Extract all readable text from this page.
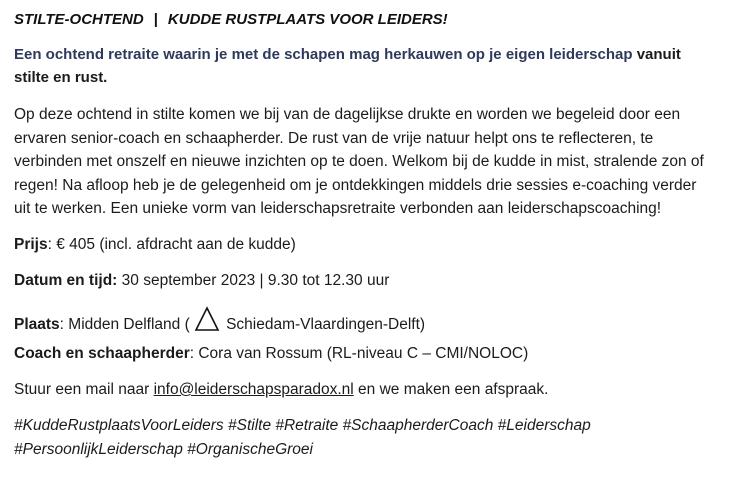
STILTE-OCHTEND | KUDDE RUSTPLAATS VOOR LEIDERS!
Een ochtend retraite waarin je met de schapen mag herkauwen op je eigen leiderschap vanuit
stilte en rust.
Op deze ochtend in stilte komen we bij van de dagelijkse drukte en worden we begeleid door een
ervaren senior-coach en schaapherder. De rust van de vrije natuur helpt ons te reflecteren, te
verbinden met onszelf en nieuwe inzichten op te doen. Welkom bij de kudde in mist, stralende zon of
regen! Na afloop heb je de gelegenheid om je ontdekkingen middels drie sessies e-coaching verder
uit te werken. Een unieke vorm van leiderschapsretraite verbonden aan leiderschapscoaching!
Prijs: € 405 (incl. afdracht aan de kudde)
Datum en tijd: 30 september 2023 | 9.30 tot 12.30 uur
Plaats: Midden Delfland ( Schiedam-Vlaardingen-Delft)
Coach en schaapherder: Cora van Rossum (RL-niveau C – CMI/NOLOC)
Stuur een mail naar info@leiderschapsparadox.nl en we maken een afspraak.
#KuddeRustplaatsVoorLeiders #Stilte #Retraite #SchaapherderCoach #Leiderschap
#PersoonlijkLeiderschap #OrganischeGroei
